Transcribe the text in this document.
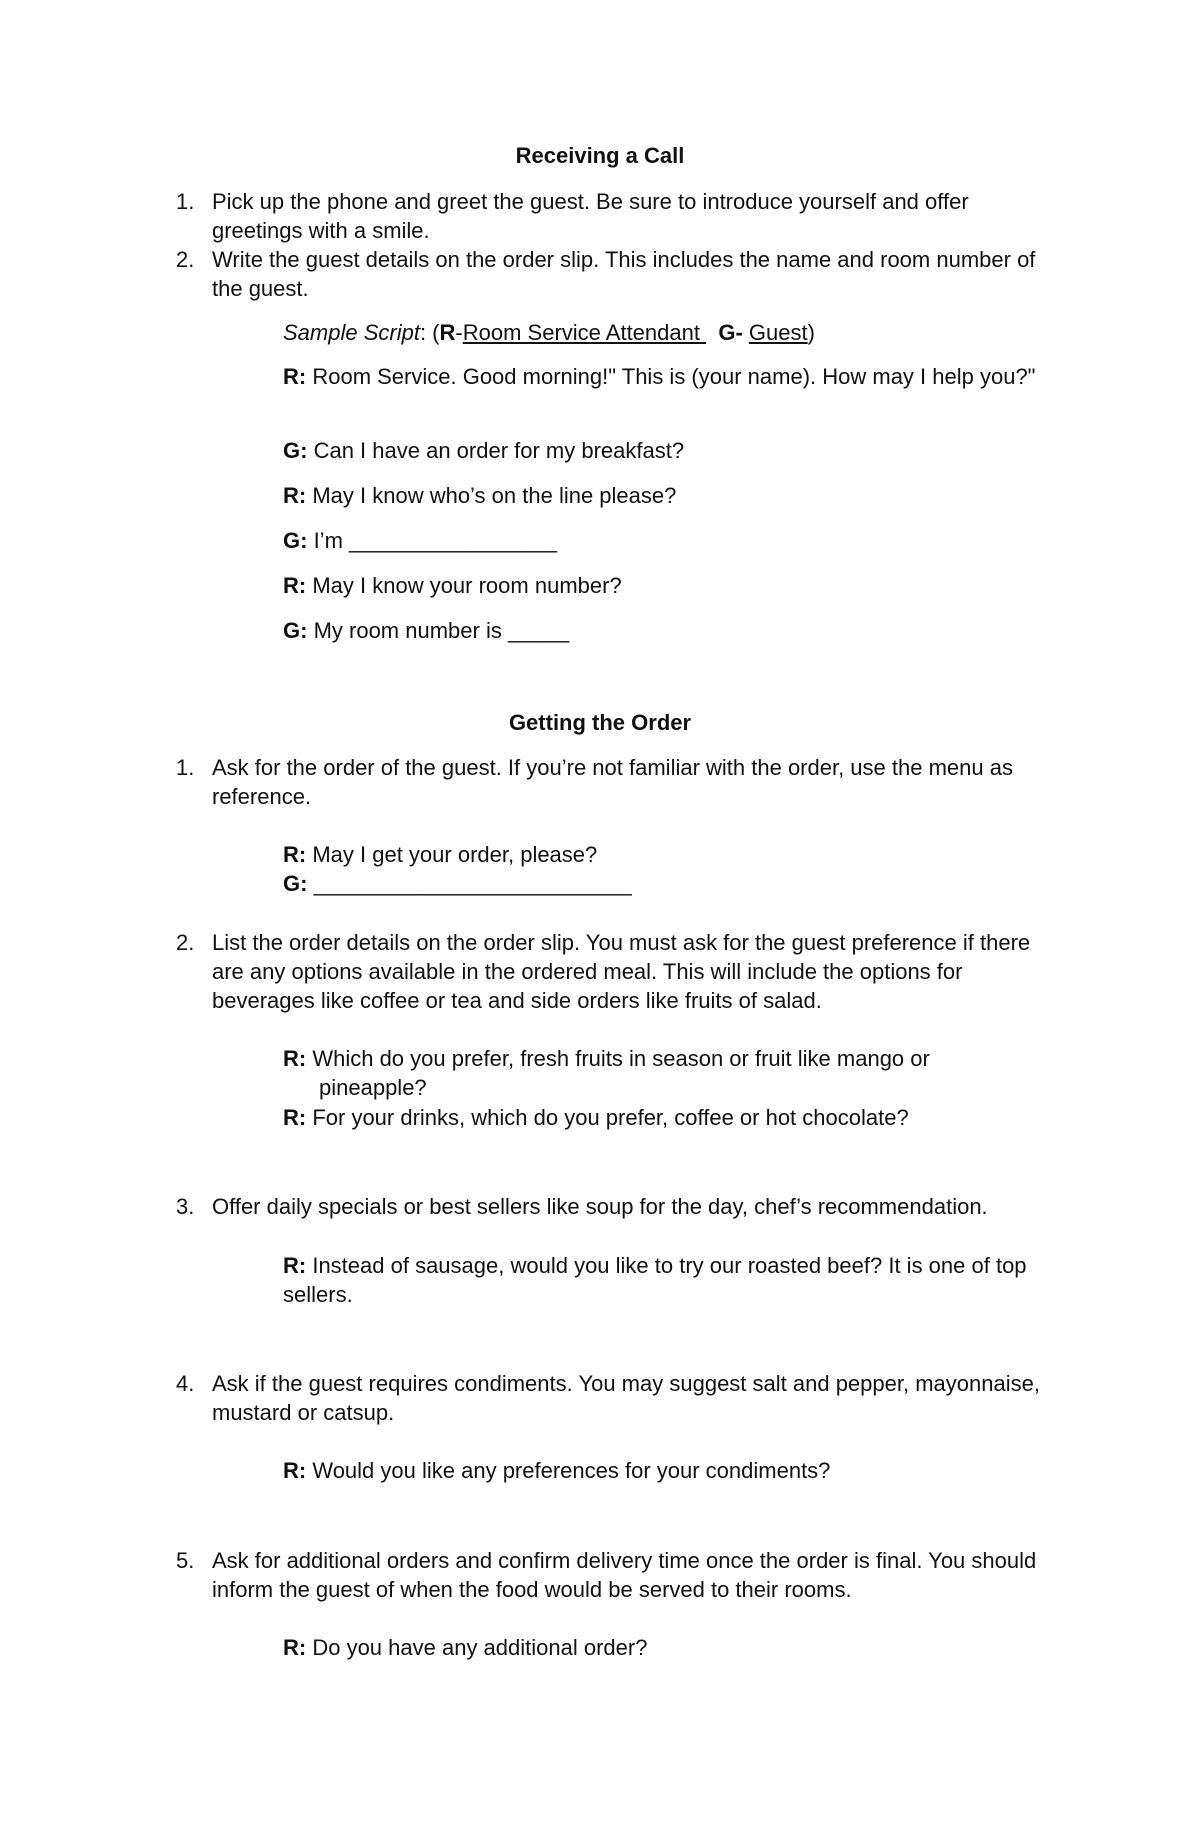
Receiving a Call
1. Pick up the phone and greet the guest. Be sure to introduce yourself and offer greetings with a smile.
2. Write the guest details on the order slip. This includes the name and room number of the guest.
Sample Script: (R-Room Service Attendant   G- Guest)
R: Room Service. Good morning!" This is (your name). How may I help you?"
G: Can I have an order for my breakfast?
R: May I know who’s on the line please?
G: I’m _________________
R: May I know your room number?
G: My room number is _____
Getting the Order
1. Ask for the order of the guest. If you’re not familiar with the order, use the menu as reference.
R: May I get your order, please?
G: __________________________
2. List the order details on the order slip. You must ask for the guest preference if there are any options available in the ordered meal. This will include the options for beverages like coffee or tea and side orders like fruits of salad.
R: Which do you prefer, fresh fruits in season or fruit like mango or
pineapple?
R: For your drinks, which do you prefer, coffee or hot chocolate?
3. Offer daily specials or best sellers like soup for the day, chef’s recommendation.
R: Instead of sausage, would you like to try our roasted beef? It is one of top sellers.
4. Ask if the guest requires condiments. You may suggest salt and pepper, mayonnaise, mustard or catsup.
R: Would you like any preferences for your condiments?
5. Ask for additional orders and confirm delivery time once the order is final. You should inform the guest of when the food would be served to their rooms.
R: Do you have any additional order?
